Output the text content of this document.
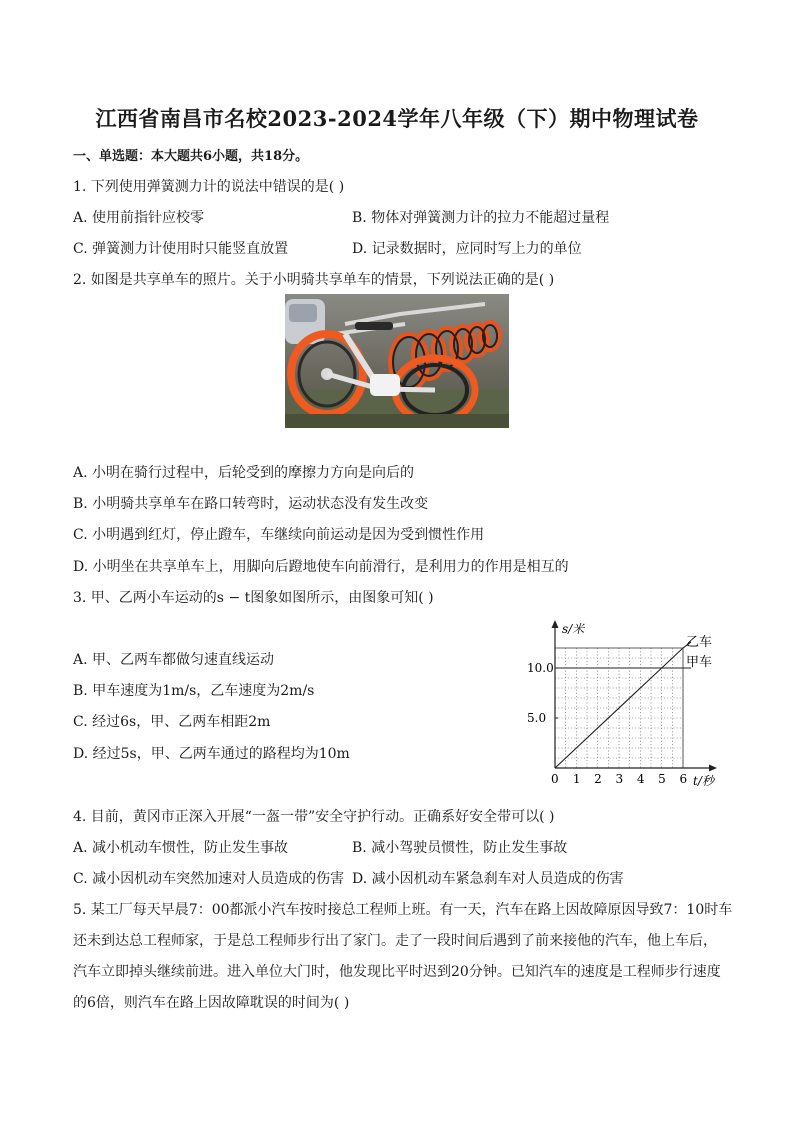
江西省南昌市名校2023-2024学年八年级（下）期中物理试卷
一、单选题：本大题共6小题，共18分。
1. 下列使用弹簧测力计的说法中错误的是( )
A. 使用前指针应校零	B. 物体对弹簧测力计的拉力不能超过量程
C. 弹簧测力计使用时只能竖直放置	D. 记录数据时，应同时写上力的单位
2. 如图是共享单车的照片。关于小明骑共享单车的情景，下列说法正确的是( )
A. 小明在骑行过程中，后轮受到的摩擦力方向是向后的
B. 小明骑共享单车在路口转弯时，运动状态没有发生改变
C. 小明遇到红灯，停止蹬车，车继续向前运动是因为受到惯性作用
D. 小明坐在共享单车上，用脚向后蹬地使车向前滑行，是利用力的作用是相互的
3. 甲、乙两小车运动的s − t图象如图所示，由图象可知( )
A. 甲、乙两车都做匀速直线运动
B. 甲车速度为1m/s，乙车速度为2m/s
C. 经过6s，甲、乙两车相距2m
D. 经过5s，甲、乙两车通过的路程均为10m
0 1 2 3 4 5 6
5.0
10.0
s/米
t/秒
乙车
甲车
4. 目前，黄冈市正深入开展“一盔一带”安全守护行动。正确系好安全带可以( )
A. 减小机动车惯性，防止发生事故	B. 减小驾驶员惯性，防止发生事故
C. 减小因机动车突然加速对人员造成的伤害 D. 减小因机动车紧急刹车对人员造成的伤害
5. 某工厂每天早晨7：00都派小汽车按时接总工程师上班。有一天，汽车在路上因故障原因导致7：10时车
还未到达总工程师家，于是总工程师步行出了家门。走了一段时间后遇到了前来接他的汽车，他上车后，
汽车立即掉头继续前进。进入单位大门时，他发现比平时迟到20分钟。已知汽车的速度是工程师步行速度
的6倍，则汽车在路上因故障耽误的时间为( )
